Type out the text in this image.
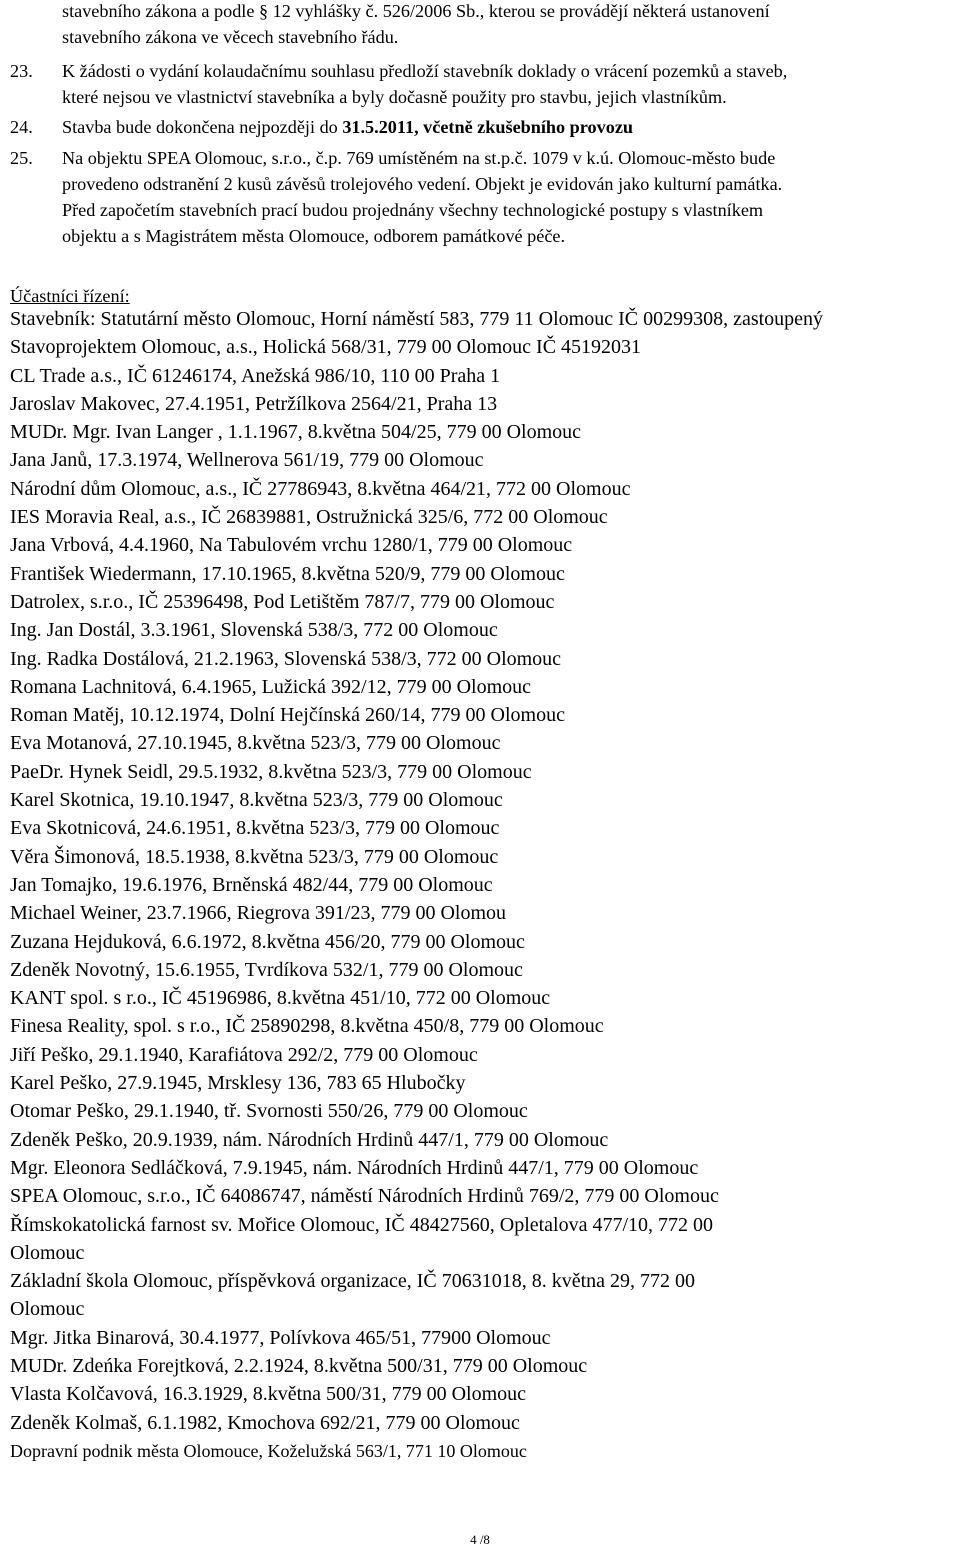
stavebního zákona a podle § 12 vyhlášky č. 526/2006 Sb., kterou se provádějí některá ustanovení

stavebního zákona ve věcech stavebního řádu.

23. K žádosti o vydání kolaudačnímu souhlasu předloží stavebník doklady o vrácení pozemků a staveb,

které nejsou ve vlastnictví stavebníka a byly dočasně použity pro stavbu, jejich vlastníkům.

24. Stavba bude dokončena nejpozději do 31.5.2011, včetně zkušebního provozu

25. Na objektu SPEA Olomouc, s.r.o., č.p. 769 umístěném na st.p.č. 1079 v k.ú. Olomouc-město bude

provedeno odstranění 2 kusů závěsů trolejového vedení. Objekt je evidován jako kulturní památka.

Před započetím stavebních prací budou projednány všechny technologické postupy s vlastníkem

objektu a s Magistrátem města Olomouce, odborem památkové péče.

Účastníci řízení:

Stavebník: Statutární město Olomouc, Horní náměstí 583, 779 11 Olomouc IČ 00299308, zastoupený
Stavoprojektem Olomouc, a.s., Holická 568/31, 779 00 Olomouc IČ 45192031
CL Trade a.s., IČ 61246174, Anežská 986/10, 110 00 Praha 1
Jaroslav Makovec, 27.4.1951, Petržílkova 2564/21, Praha 13
MUDr. Mgr. Ivan Langer , 1.1.1967, 8.května 504/25, 779 00 Olomouc
Jana Janů, 17.3.1974, Wellnerova 561/19, 779 00 Olomouc
Národní dům Olomouc, a.s., IČ 27786943, 8.května 464/21, 772 00 Olomouc
IES Moravia Real, a.s., IČ 26839881, Ostružnická 325/6, 772 00 Olomouc
Jana Vrbová, 4.4.1960, Na Tabulovém vrchu 1280/1, 779 00 Olomouc
František Wiedermann, 17.10.1965, 8.května 520/9, 779 00 Olomouc
Datrolex, s.r.o., IČ 25396498, Pod Letištěm 787/7, 779 00 Olomouc
Ing. Jan Dostál, 3.3.1961, Slovenská 538/3, 772 00 Olomouc
Ing. Radka Dostálová, 21.2.1963, Slovenská 538/3, 772 00 Olomouc
Romana Lachnitová, 6.4.1965, Lužická 392/12, 779 00 Olomouc
Roman Matěj, 10.12.1974, Dolní Hejčínská 260/14, 779 00 Olomouc
Eva Motanová, 27.10.1945, 8.května 523/3, 779 00 Olomouc
PaeDr. Hynek Seidl, 29.5.1932, 8.května 523/3, 779 00 Olomouc
Karel Skotnica, 19.10.1947, 8.května 523/3, 779 00 Olomouc
Eva Skotnicová, 24.6.1951, 8.května 523/3, 779 00 Olomouc
Věra Šimonová, 18.5.1938, 8.května 523/3, 779 00 Olomouc
Jan Tomajko, 19.6.1976, Brněnská 482/44, 779 00 Olomouc
Michael Weiner, 23.7.1966, Riegrova 391/23, 779 00 Olomou
Zuzana Hejduková, 6.6.1972, 8.května 456/20, 779 00 Olomouc
Zdeněk Novotný, 15.6.1955, Tvrdíkova 532/1, 779 00 Olomouc
KANT spol. s r.o., IČ 45196986, 8.května 451/10, 772 00 Olomouc
Finesa Reality, spol. s r.o., IČ 25890298, 8.května 450/8, 779 00 Olomouc
Jiří Peško, 29.1.1940, Karafiátova 292/2, 779 00 Olomouc
Karel Peško, 27.9.1945, Mrsklesy 136, 783 65 Hlubočky
Otomar Peško, 29.1.1940, tř. Svornosti 550/26, 779 00 Olomouc
Zdeněk Peško, 20.9.1939, nám. Národních Hrdinů 447/1, 779 00 Olomouc
Mgr. Eleonora Sedláčková, 7.9.1945, nám. Národních Hrdinů 447/1, 779 00 Olomouc
SPEA Olomouc, s.r.o., IČ 64086747, náměstí Národních Hrdinů 769/2, 779 00 Olomouc
Římskokatolická farnost sv. Mořice Olomouc, IČ 48427560, Opletalova 477/10, 772 00
Olomouc
Základní škola Olomouc, příspěvková organizace, IČ 70631018, 8. května 29, 772 00
Olomouc
Mgr. Jitka Binarová, 30.4.1977, Polívkova 465/51, 77900 Olomouc
MUDr. Zdeńka Forejtková, 2.2.1924, 8.května 500/31, 779 00 Olomouc
Vlasta Kolčavová, 16.3.1929, 8.května 500/31, 779 00 Olomouc
Zdeněk Kolmaš, 6.1.1982, Kmochova 692/21, 779 00 Olomouc
Dopravní podnik města Olomouce, Koželužská 563/1, 771 10 Olomouc
4 /8
